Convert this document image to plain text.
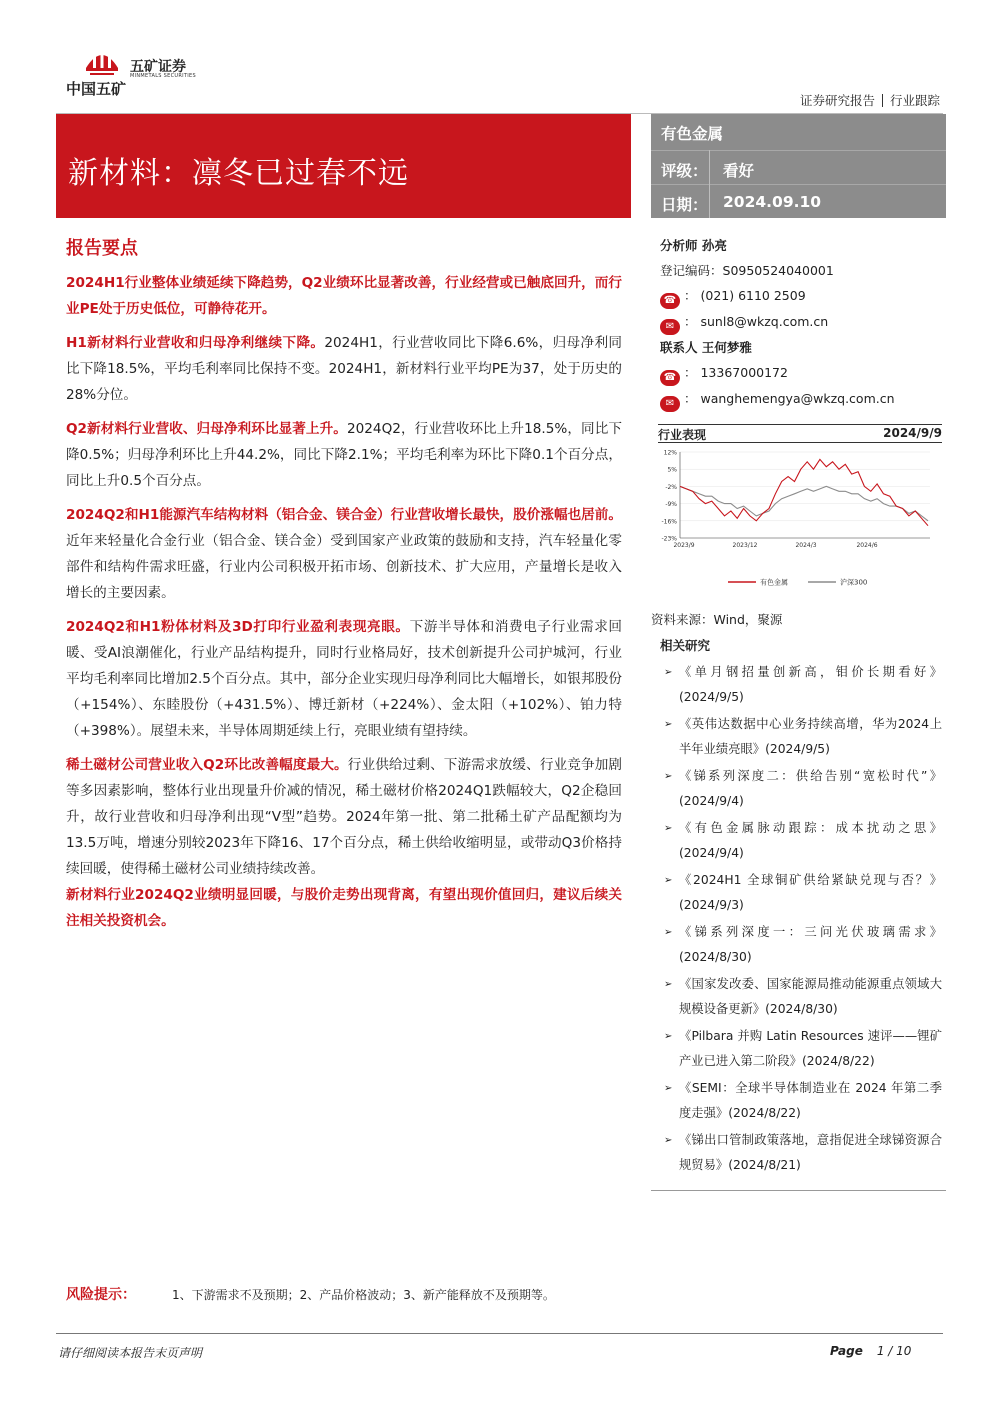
五矿证券
MINMETALS SECURITIES
中国五矿
证券研究报告 行业跟踪
新材料：凛冬已过春不远
有色金属
评级： 看好
日期： 2024.09.10
报告要点

2024H1行业整体业绩延续下降趋势，Q2业绩环比显著改善，行业经营或已触底回升，而行业PE处于历史低位，可静待花开。

H1新材料行业营收和归母净利继续下降。2024H1，行业营收同比下降6.6%，归母净利同比下降18.5%，平均毛利率同比保持不变。2024H1，新材料行业平均PE为37，处于历史的28%分位。

Q2新材料行业营收、归母净利环比显著上升。2024Q2，行业营收环比上升18.5%，同比下降0.5%；归母净利环比上升44.2%，同比下降2.1%；平均毛利率为环比下降0.1个百分点，同比上升0.5个百分点。

2024Q2和H1能源汽车结构材料（铝合金、镁合金）行业营收增长最快，股价涨幅也居前。近年来轻量化合金行业（铝合金、镁合金）受到国家产业政策的鼓励和支持，汽车轻量化零部件和结构件需求旺盛，行业内公司积极开拓市场、创新技术、扩大应用，产量增长是收入增长的主要因素。

2024Q2和H1粉体材料及3D打印行业盈利表现亮眼。下游半导体和消费电子行业需求回暖、受AI浪潮催化，行业产品结构提升，同时行业格局好，技术创新提升公司护城河，行业平均毛利率同比增加2.5个百分点。其中，部分企业实现归母净利同比大幅增长，如银邦股份（+154%）、东睦股份（+431.5%）、博迁新材（+224%）、金太阳（+102%）、铂力特（+398%）。展望未来，半导体周期延续上行，亮眼业绩有望持续。

稀土磁材公司营业收入Q2环比改善幅度最大。行业供给过剩、下游需求放缓、行业竞争加剧等多因素影响，整体行业出现量升价减的情况，稀土磁材价格2024Q1跌幅较大，Q2企稳回升，故行业营收和归母净利出现“V型”趋势。2024年第一批、第二批稀土矿产品配额均为13.5万吨，增速分别较2023年下降16、17个百分点，稀土供给收缩明显，或带动Q3价格持续回暖，使得稀土磁材公司业绩持续改善。

新材料行业2024Q2业绩明显回暖，与股价走势出现背离，有望出现价值回归，建议后续关注相关投资机会。

分析师 孙亮
登记编码：S0950524040001
☎ ： (021) 6110 2509
✉ ： sunl8@wkzq.com.cn
联系人 王何梦雅
☎ ： 13367000172
✉ ： wanghemengya@wkzq.com.cn
行业表现	2024/9/9
12%
5%
-2%
-9%
-16%
-23%
2023/9	2023/12	2024/3	2024/6
有色金属	沪深300
资料来源：Wind，聚源
相关研究
➢ 《单月钢招量创新高，钼价长期看好》(2024/9/5)
➢ 《英伟达数据中心业务持续高增，华为2024上半年业绩亮眼》(2024/9/5)
➢ 《锑系列深度二：供给告别“宽松时代”》(2024/9/4)
➢ 《有色金属脉动跟踪：成本扰动之思》(2024/9/4)
➢ 《2024H1 全球铜矿供给紧缺兑现与否？》(2024/9/3)
➢ 《锑系列深度一：三问光伏玻璃需求》(2024/8/30)
➢ 《国家发改委、国家能源局推动能源重点领域大规模设备更新》(2024/8/30)
➢ 《Pilbara 并购 Latin Resources 速评——锂矿产业已进入第二阶段》(2024/8/22)
➢ 《SEMI：全球半导体制造业在 2024 年第二季度走强》(2024/8/22)
➢ 《锑出口管制政策落地，意指促进全球锑资源合规贸易》(2024/8/21)
风险提示：	1、下游需求不及预期；2、产品价格波动；3、新产能释放不及预期等。
请仔细阅读本报告末页声明	Page 1 / 10
